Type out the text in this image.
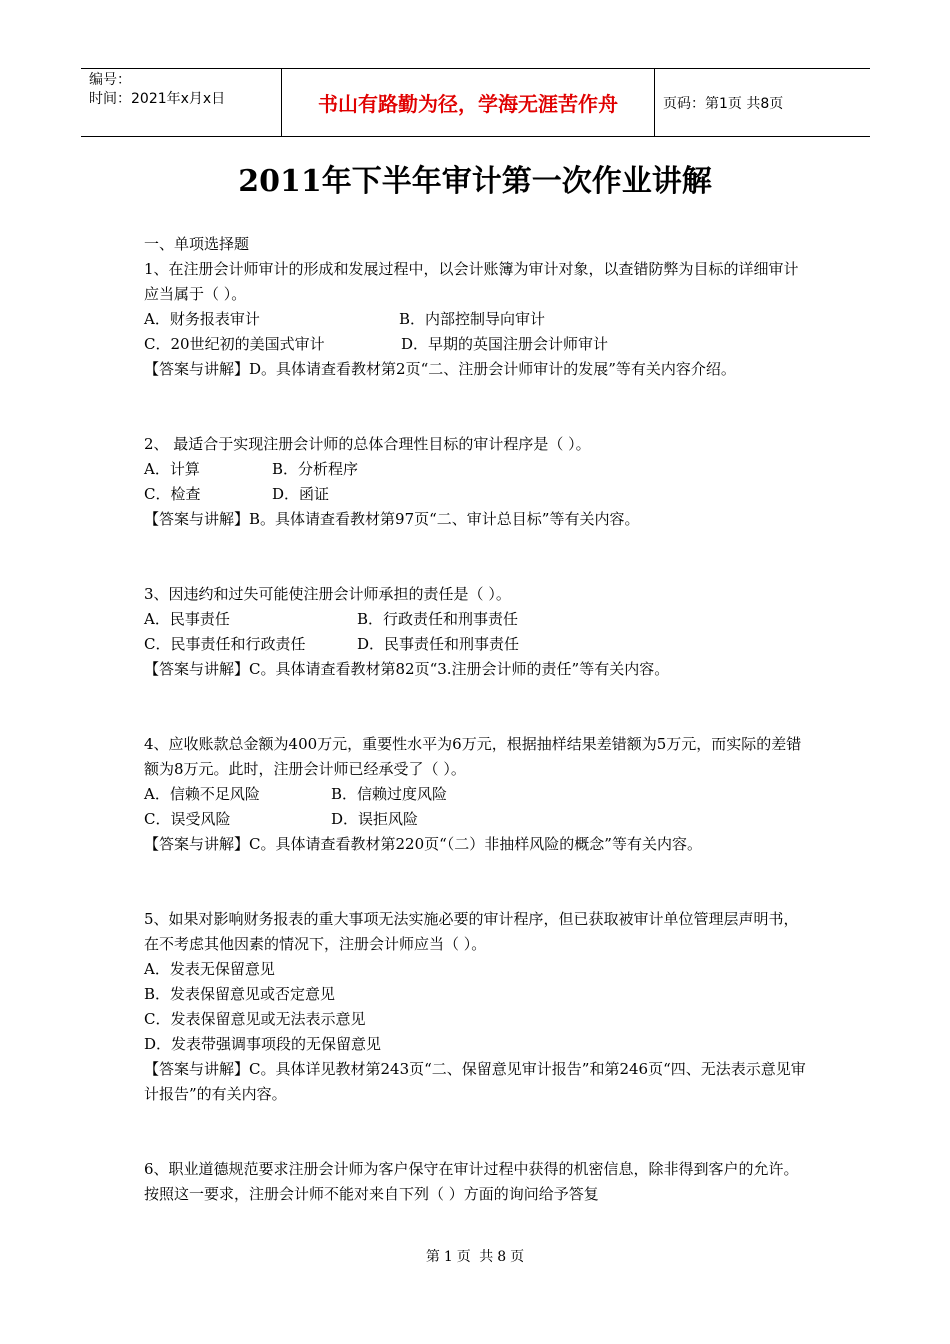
编号：
时间：2021年x月x日	书山有路勤为径，学海无涯苦作舟	页码：第1页 共8页
2011年下半年审计第一次作业讲解
一、单项选择题
1、在注册会计师审计的形成和发展过程中，以会计账簿为审计对象，以查错防弊为目标的详细审计应当属于（ ）。
A．财务报表审计	B．内部控制导向审计
C．20世纪初的美国式审计	D．早期的英国注册会计师审计
【答案与讲解】D。具体请查看教材第2页“二、注册会计师审计的发展”等有关内容介绍。
2、 最适合于实现注册会计师的总体合理性目标的审计程序是（ ）。
A．计算	B．分析程序
C．检查	D．函证
【答案与讲解】B。具体请查看教材第97页“二、审计总目标”等有关内容。
3、因违约和过失可能使注册会计师承担的责任是（ ）。
A．民事责任	B．行政责任和刑事责任
C．民事责任和行政责任	D．民事责任和刑事责任
【答案与讲解】C。具体请查看教材第82页“3.注册会计师的责任”等有关内容。
4、应收账款总金额为400万元，重要性水平为6万元，根据抽样结果差错额为5万元，而实际的差错额为8万元。此时，注册会计师已经承受了（ ）。
A．信赖不足风险	B．信赖过度风险
C．误受风险	D．误拒风险
【答案与讲解】C。具体请查看教材第220页“（二）非抽样风险的概念”等有关内容。
5、如果对影响财务报表的重大事项无法实施必要的审计程序，但已获取被审计单位管理层声明书，在不考虑其他因素的情况下，注册会计师应当（ ）。
A．发表无保留意见
B．发表保留意见或否定意见
C．发表保留意见或无法表示意见
D．发表带强调事项段的无保留意见
【答案与讲解】C。具体详见教材第243页“二、保留意见审计报告”和第246页“四、无法表示意见审计报告”的有关内容。
6、职业道德规范要求注册会计师为客户保守在审计过程中获得的机密信息，除非得到客户的允许。按照这一要求，注册会计师不能对来自下列（ ）方面的询问给予答复
第 1 页 共 8 页
